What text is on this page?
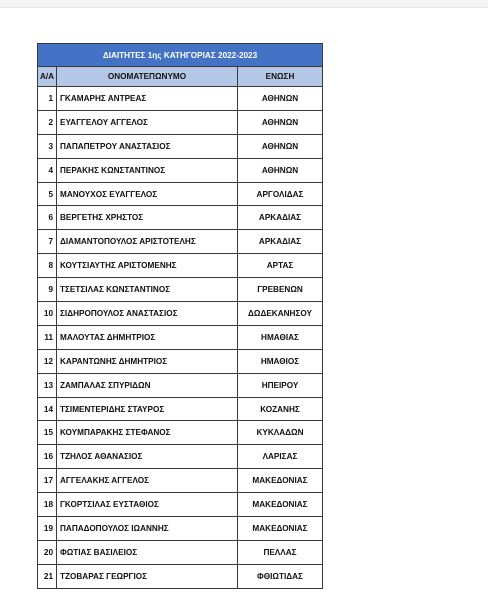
ΔΙΑΙΤΗΤΕΣ 1ης ΚΑΤΗΓΟΡΙΑΣ 2022-2023		
Α/Α	ΟΝΟΜΑΤΕΠΩΝΥΜΟ	ΕΝΩΣΗ
1	ΓΚΑΜΑΡΗΣ ΑΝΤΡΕΑΣ	ΑΘΗΝΩΝ
2	ΕΥΑΓΓΕΛΟΥ ΑΓΓΕΛΟΣ	ΑΘΗΝΩΝ
3	ΠΑΠΑΠΕΤΡΟΥ ΑΝΑΣΤΑΣΙΟΣ	ΑΘΗΝΩΝ
4	ΠΕΡΑΚΗΣ ΚΩΝΣΤΑΝΤΙΝΟΣ	ΑΘΗΝΩΝ
5	ΜΑΝΟΥΧΟΣ ΕΥΑΓΓΕΛΟΣ	ΑΡΓΟΛΙΔΑΣ
6	ΒΕΡΓΕΤΗΣ ΧΡΗΣΤΟΣ	ΑΡΚΑΔΙΑΣ
7	ΔΙΑΜΑΝΤΟΠΟΥΛΟΣ ΑΡΙΣΤΟΤΕΛΗΣ	ΑΡΚΑΔΙΑΣ
8	ΚΟΥΤΣΙΑΥΤΗΣ ΑΡΙΣΤΟΜΕΝΗΣ	ΑΡΤΑΣ
9	ΤΣΕΤΣΙΛΑΣ ΚΩΝΣΤΑΝΤΙΝΟΣ	ΓΡΕΒΕΝΩΝ
10	ΣΙΔΗΡΟΠΟΥΛΟΣ ΑΝΑΣΤΑΣΙΟΣ	ΔΩΔΕΚΑΝΗΣΟΥ
11	ΜΑΛΟΥΤΑΣ ΔΗΜΗΤΡΙΟΣ	ΗΜΑΘΙΑΣ
12	ΚΑΡΑΝΤΩΝΗΣ ΔΗΜΗΤΡΙΟΣ	ΗΜΑΘΙΟΣ
13	ΖΑΜΠΑΛΑΣ ΣΠΥΡΙΔΩΝ	ΗΠΕΙΡΟΥ
14	ΤΣΙΜΕΝΤΕΡΙΔΗΣ ΣΤΑΥΡΟΣ	ΚΟΖΑΝΗΣ
15	ΚΟΥΜΠΑΡΑΚΗΣ ΣΤΕΦΑΝΟΣ	ΚΥΚΛΑΔΩΝ
16	ΤΖΗΛΟΣ ΑΘΑΝΑΣΙΟΣ	ΛΑΡΙΣΑΣ
17	ΑΓΓΕΛΑΚΗΣ ΑΓΓΕΛΟΣ	ΜΑΚΕΔΟΝΙΑΣ
18	ΓΚΟΡΤΣΙΛΑΣ ΕΥΣΤΑΘΙΟΣ	ΜΑΚΕΔΟΝΙΑΣ
19	ΠΑΠΑΔΟΠΟΥΛΟΣ ΙΩΑΝΝΗΣ	ΜΑΚΕΔΟΝΙΑΣ
20	ΦΩΤΙΑΣ ΒΑΣΙΛΕΙΟΣ	ΠΕΛΛΑΣ
21	ΤΖΟΒΑΡΑΣ ΓΕΩΡΓΙΟΣ	ΦΘΙΩΤΙΔΑΣ
